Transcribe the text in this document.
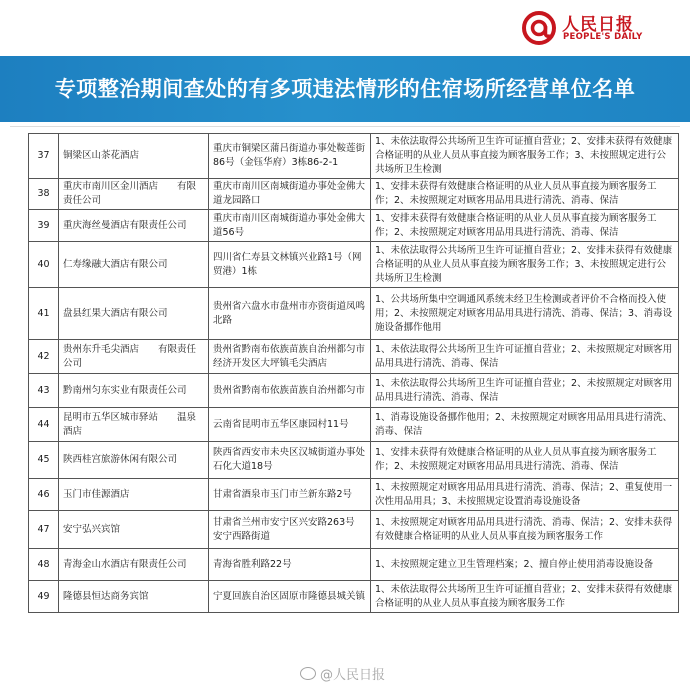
人民日报
PEOPLE'S DAILY
专项整治期间查处的有多项违法情形的住宿场所经营单位名单
37	铜梁区山茶花酒店	重庆市铜梁区蒲吕街道办事处鞍莲街86号（金钰华府）3栋86-2-1	1、未依法取得公共场所卫生许可证擅自营业；2、安排未获得有效健康合格证明的从业人员从事直接为顾客服务工作；3、未按照规定进行公共场所卫生检测
38	重庆市南川区金川酒店　　有限责任公司	重庆市南川区南城街道办事处金佛大道龙园路口	1、安排未获得有效健康合格证明的从业人员从事直接为顾客服务工作；2、未按照规定对顾客用品用具进行清洗、消毒、保洁
39	重庆海丝曼酒店有限责任公司	重庆市南川区南城街道办事处金佛大道56号	1、安排未获得有效健康合格证明的从业人员从事直接为顾客服务工作；2、未按照规定对顾客用品用具进行清洗、消毒、保洁
40	仁寿缘融大酒店有限公司	四川省仁寿县文林镇兴业路1号（网贸港）1栋	1、未依法取得公共场所卫生许可证擅自营业；2、安排未获得有效健康合格证明的从业人员从事直接为顾客服务工作；3、未按照规定进行公共场所卫生检测
41	盘县红果大酒店有限公司	贵州省六盘水市盘州市亦资街道凤鸣北路	1、公共场所集中空调通风系统未经卫生检测或者评价不合格而投入使用；2、未按照规定对顾客用品用具进行清洗、消毒、保洁；3、消毒设施设备挪作他用
42	贵州东升毛尖酒店　　有限责任公司	贵州省黔南布依族苗族自治州都匀市经济开发区大坪镇毛尖酒店	1、未依法取得公共场所卫生许可证擅自营业；2、未按照规定对顾客用品用具进行清洗、消毒、保洁
43	黔南州匀东实业有限责任公司	贵州省黔南布依族苗族自治州都匀市	1、未依法取得公共场所卫生许可证擅自营业；2、未按照规定对顾客用品用具进行清洗、消毒、保洁
44	昆明市五华区城市驿站　　温泉酒店	云南省昆明市五华区康园村11号	1、消毒设施设备挪作他用；2、未按照规定对顾客用品用具进行清洗、消毒、保洁
45	陕西桂宫旅游休闲有限公司	陕西省西安市未央区汉城街道办事处石化大道18号	1、安排未获得有效健康合格证明的从业人员从事直接为顾客服务工作；2、未按照规定对顾客用品用具进行清洗、消毒、保洁
46	玉门市佳源酒店	甘肃省酒泉市玉门市兰新东路2号	1、未按照规定对顾客用品用具进行清洗、消毒、保洁；2、重复使用一次性用品用具；3、未按照规定设置消毒设施设备
47	安宁弘兴宾馆	甘肃省兰州市安宁区兴安路263号　安宁西路街道	1、未按照规定对顾客用品用具进行清洗、消毒、保洁；2、安排未获得有效健康合格证明的从业人员从事直接为顾客服务工作
48	青海金山水酒店有限责任公司	青海省胜利路22号	1、未按照规定建立卫生管理档案；2、擅自停止使用消毒设施设备
49	隆德县恒达商务宾馆	宁夏回族自治区固原市隆德县城关镇	1、未依法取得公共场所卫生许可证擅自营业；2、安排未获得有效健康合格证明的从业人员从事直接为顾客服务工作
@人民日报
